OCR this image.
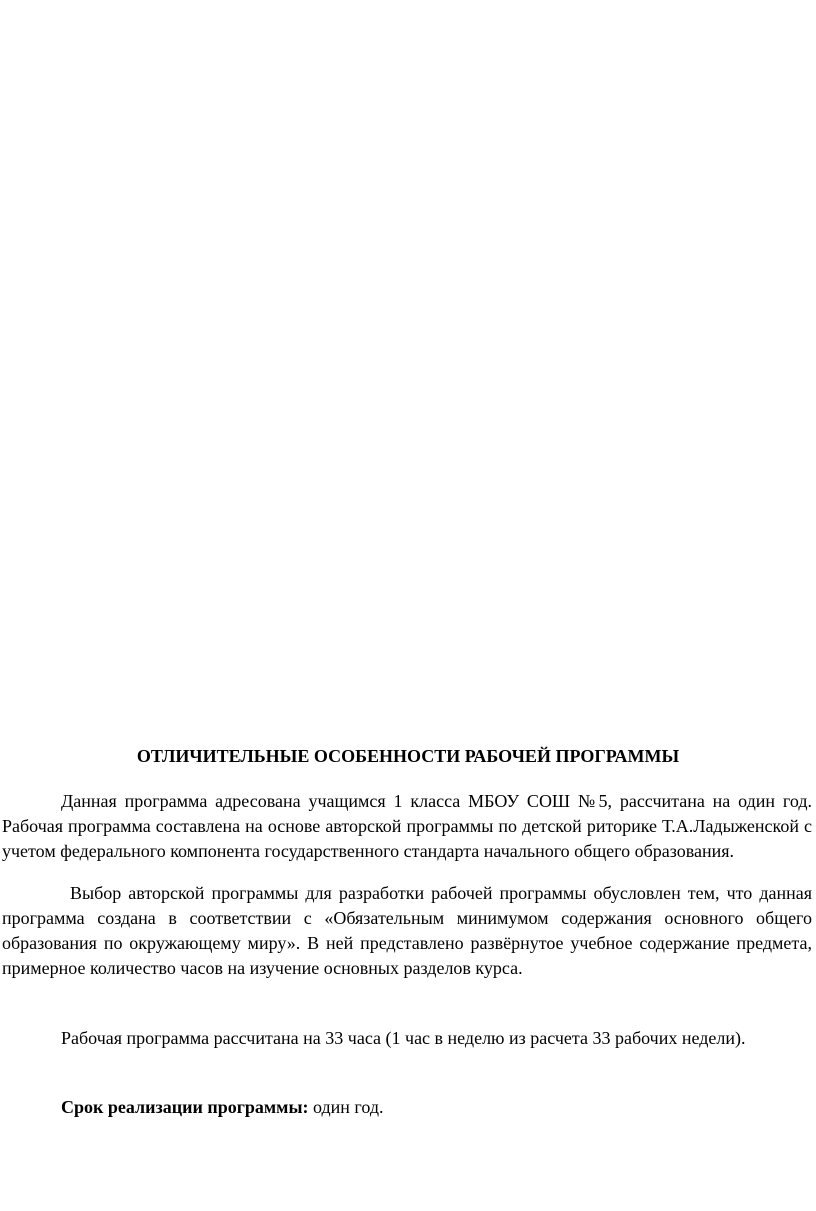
ОТЛИЧИТЕЛЬНЫЕ ОСОБЕННОСТИ РАБОЧЕЙ ПРОГРАММЫ

Данная программа адресована учащимся 1 класса МБОУ СОШ №5, рассчитана на один год. Рабочая программа составлена на основе авторской программы по детской риторике Т.А.Ладыженской с учетом федерального компонента государственного стандарта начального общего образования.

Выбор авторской программы для разработки рабочей программы обусловлен тем, что данная программа создана в соответствии с «Обязательным минимумом содержания основного общего образования по окружающему миру». В ней представлено развёрнутое учебное содержание предмета, примерное количество часов на изучение основных разделов курса.

Рабочая программа рассчитана на 33 часа (1 час в неделю из расчета 33 рабочих недели).

Срок реализации программы: один год.
